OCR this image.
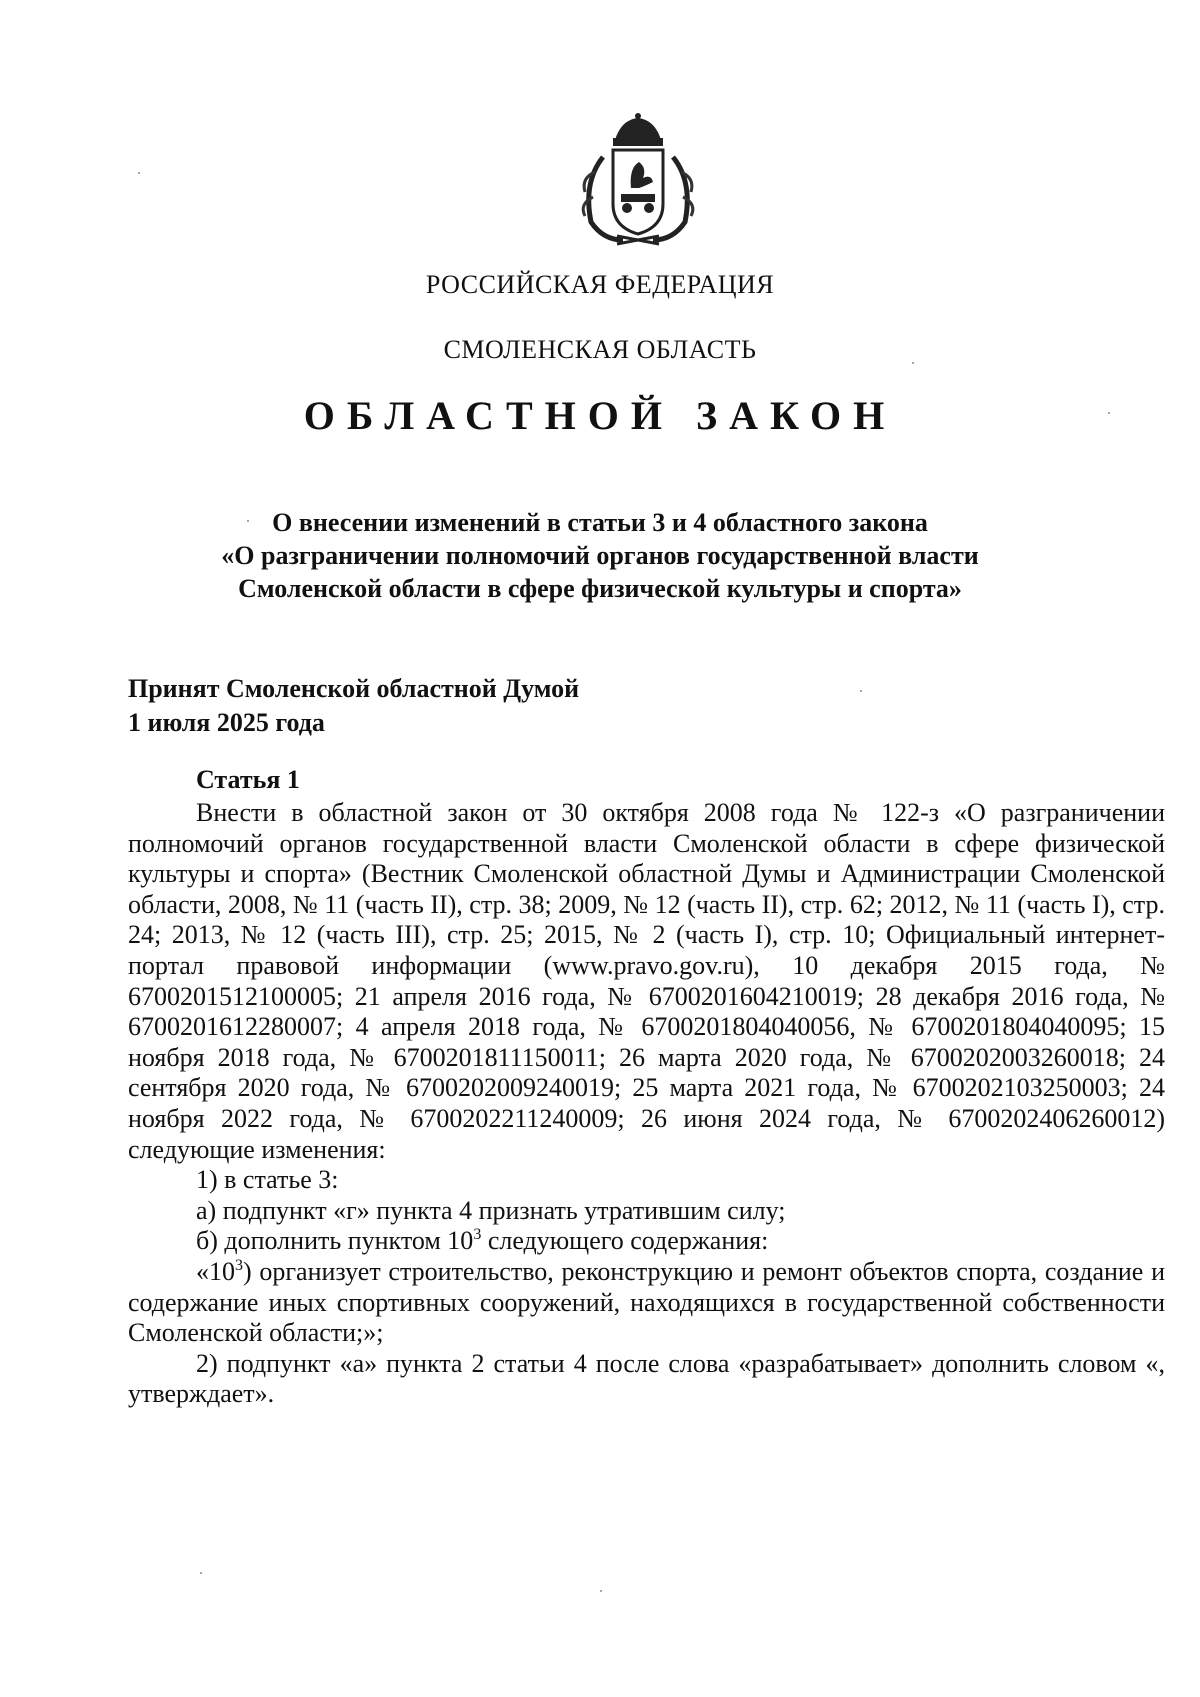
РОССИЙСКАЯ ФЕДЕРАЦИЯ
СМОЛЕНСКАЯ ОБЛАСТЬ
ОБЛАСТНОЙ ЗАКОН
О внесении изменений в статьи 3 и 4 областного закона
«О разграничении полномочий органов государственной власти
Смоленской области в сфере физической культуры и спорта»
Принят Смоленской областной Думой
1 июля 2025 года
Статья 1

Внести в областной закон от 30 октября 2008 года № 122-з «О разграничении полномочий органов государственной власти Смоленской области в сфере физической культуры и спорта» (Вестник Смоленской областной Думы и Администрации Смоленской области, 2008, № 11 (часть II), стр. 38; 2009, № 12 (часть II), стр. 62; 2012, № 11 (часть I), стр. 24; 2013, № 12 (часть III), стр. 25; 2015, № 2 (часть I), стр. 10; Официальный интернет-портал правовой информации (www.pravo.gov.ru), 10 декабря 2015 года, № 6700201512100005; 21 апреля 2016 года, № 6700201604210019; 28 декабря 2016 года, № 6700201612280007; 4 апреля 2018 года, № 6700201804040056, № 6700201804040095; 15 ноября 2018 года, № 6700201811150011; 26 марта 2020 года, № 6700202003260018; 24 сентября 2020 года, № 6700202009240019; 25 марта 2021 года, № 6700202103250003; 24 ноября 2022 года, № 6700202211240009; 26 июня 2024 года, № 6700202406260012) следующие изменения:

1) в статье 3:

а) подпункт «г» пункта 4 признать утратившим силу;

б) дополнить пунктом $10^3$ следующего содержания:

«$10^3$) организует строительство, реконструкцию и ремонт объектов спорта, создание и содержание иных спортивных сооружений, находящихся в государственной собственности Смоленской области;»;

2) подпункт «а» пункта 2 статьи 4 после слова «разрабатывает» дополнить словом «, утверждает».
